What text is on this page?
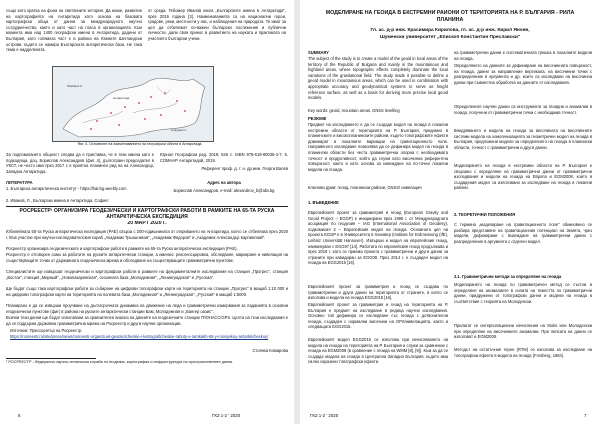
също като кратка на фона на светлините история. Да може, развитие на картографията на Антарктида като основа на базовата картографска обща от данни за международното научно сътрудничество, както и като част на гласа в организацията. Към момента има над 1400 географски имена в Антарктида, дадени от България, като голямата част е в района на Южните Шетландски острови, където се намира Българската антарктическа база. Не така тема е надделената.
от среда. Гебомер Иванов книга „Българските имена в Антарктида", през 2016 година [3]. Наименованията са на национални герои, градове, реки, местности у нас, и наблюдения на природата. Те имат за цел да отбележат по-важни български постижения и публични личности, дали своя принос в развитието на науката и практиката на участието български учени.
Антарктида
Shetland Is.
Livingston I.
Фиг. 4. Основните на наименованието на географски обекти в Антарктида.
За подпомагането общност следва да е приставка, че в тези имена като е подходяща, доц. Борислав Александров (фиг. 4), дълготраен председател в УКСТ, не често има през 2017 с е приятна планинен рид на на Александър, Западна Антарктида.
Юрнал Географски ред, 2019, 526 с. ISBN 978-619-90035-4-7. 5. СОМНАР Антарктидой, 2019.
Референт проф. д. т. н. др.инж. Георги Валев
ЛИТЕРАТУРА
1. Българска антарктическа институт - https://bai-bg.weebly.com
2. Иванов, Л., Български имена в Антарктида. София:
Адрес на авторa
Борислав Александров, e-mail: alexandrov_b@abv.bg
РОСРЕЕСТР¹ ОРГАНИЗИРА ГЕОДЕЗИЧЕСКИ И КАРТОГРАФСКИ РАБОТИ В РАМКИТЕ НА 65-ТА РУСКА АНТАРКТИЧЕСКА ЕКСПЕДИЦИЯ
20 МАРТ 2020 Г.
Юбилейната 65-та Руска антарктическа експедиция (РАЕ) свърза с 200-годишнината от откриването на Антарктида, което се отбелязва през 2020 г. Във участие при научно-изследователския кораб „Академик Трьошников", „Академик Федоров" и „Академик Александър Карпинский".
Росреестр организира геодезическите и картографски работи в рамките на 65-та Руска антарктическа експедиция (РАЕ).
Росреестр е отговорен само за работите на руските антарктически станции, а именно: рекогносцировка, обследване, маркиране и нивелация на съществуващите точки от държавната геодезическа мрежа и обследване на съществуващите гравиметрични пунктове.
Специалистите ще извършат геодезически и картографски работи в рамките на фундаменталните изследвания на станция „Прогрес", станция „Восток", станция „Мирный", „Новолазаревская", сезонната база „Молодежная", „Ленинградская" и „Русская".
Ще бъдат също така картографски работи за събиране на цифрови топографски карти на територията на станции „Прогрес" в мащаб 1:10 000 и на цифрови топографски карти на територията на полевата база „Молодежная" и „Ленинградская", „Русская" в мащаб 1:5000.
Планирано е да се извърши проучване на дългосрочната динамика на движение на леда и гравиметрични измервания за паданията в основни геодезически пунктове (фиг) в района на руските антарктически станции Бам, Молодежная и „Бангер оазис".
Всички тези данни ще бъдат използвани за сравнителен анализ на данните на геодезичните станции ГЛОНАСС/GPS. Целта на тези изследвания е да се поддържа държавна гравиметрична мрежа на Росреестр и други научни организации.
Източник: Прессцентър на Росреестр
https://rosreestr.ru/site/press/news/rosreestr-organizuet-geodezicheskie-i-kartograficheskie-raboty-v-ramkakh-65-y-rossiyskoy-antarkticheskoy/
Стоянка Комарова
¹ РОСРЕЕСТР –Федерална научно-техническа служба по геодезия, картография и инфраструктура на пространствените данни.
6	ГКЗ 1-2 ' 2020
МОДЕЛИРАНЕ НА ГЕОИДА В ЕКСТРЕМНИ РАЙОНИ ОТ ТЕРИТОРИЯТА НА Р. БЪЛГАРИЯ - РИЛА ПЛАНИНА
Гл. ас. д-р инж. Красимира Кирилова, гл. ас. д-р инж. Кирил Янчев,
Шуменски университет „Епископ Константин Преславски"
SUMMARY
The subject of the study is to create a model of the geoid in local areas of the territory of the Republic of Bulgaria and mainly in the mountainous and highland areas, where topographic effects completely dominate the local variations of the gravitational field. The study made it possible to define a geoid model in mountainous areas, which can be used in combination with appropriate accuracy and geodynamical systems to serve as height reference surface, as well as a basis for deriving more precise local geoid models.
Key words: geoid, mountain areas, GNSS levelling
РЕЗЮМЕ
Предмет на изследването е да се създаде модел на геоида в локални екстремни области от територията на Р. България, предимно в планинските и високопланинските райони, където топографските ефекти доминират в локалните вариации на гравитационното поле. Направеното изследване позволява да се дефинира модел на геоида в планински области без честа гравиметрична опорна с необходимата точност и продуктивност, който да служи като височинна референтна повърхност, както и като основа за извеждане на по-точни локални модели на геоида.
Ключови думи: геоид, планински райони, GNSS/ нивелация
1. ВЪВЕДЕНИЕ
Европейският проект за гравиметрия и геоид (European Gravity and Geoid Project – EGGP) е инициирани през 1990 г. от Международната асоциация по геодезия – IAG (International Association of Geodesy), подкомисия 2 – Европейския модел на геоида. Основната цел на проекта EGGP е в Университета в Хановер (Institute for Erdmessung (IfE), Leibniz Universität Hannover). Извърши и модел на европейския геоид, наименуван с EGG97 [14]. Работата по европейския геоид продължава и през 2019 г. като се приема проекта с гравиметрични и други данни за страните при кавидиран за EGG08. През 2014 г. е създаден модел на геоида на EGG2015 [16].
Европейският проект за гравиметрия и геоид се създава по гравиметрични и други данни на територията от страните, в която се използва и модела на геоида EGG2015 [16].
Европейският проект за гравиметрия и геоид на територията на Р. България е предмет на изследване в редица научни изследвания. Основно той дефинира се изследване със геоида с дотвонителни геоида, създаден с нормални височини на GPS/нивелацията, както и следващата EGG2015.
Европейският модел EGG2015 се използва при изчисляването на модела на геоида на територията на Р. България и служи за сравнение с геоида на EGM2008 (в сравнение с геоида на WMM [8], [9]). Към за да се създаде модела на геоида в Централна Западна България, където има силно изразени топографски ефекти.
на гравиметрични данни е систематичната грешка в локалните модели на геоида.
Определянето на данните за дефиниране на височинната повърхност, на геоида, данни за направление вертикала, на височинни точки с разпределение в аргумента и др. които са изследвани на височинна данни при съвместна обработка на данните от изследвания.
Определените научни данни са инструменти за геоидни и аномалии в геоида, получени от гравиметрични точки с необходима точност.
Внедряването и модела на геоида за височината на височинните системи модела на хомогенизацията за геометричен модел на геоида в България, предложени модели за определянето на геоида в планински области, точност с гравиметрични и други данни.
Моделирането на геоида в екстремни области на Р. България е свързано с определяне на гравиметрични данни от гравиметрични изследвания и модели на геоида на Европа и EGM2008, които в създадения модел са използвани за изследване на геоида в локални райони.
2. ТЕОРЕТИЧНИ ПОЛОЖЕНИЯ
С термина „моделиране на гравитационното поле" обикновено се разбира представяне на гравитационния потенциал на Земята, чрез модели, дефинирани с въвеждане на гравиметрични данни с разпределение в аргумента с отделен модел.
2.1. Гравиметрични методи за определяне на геоида
Моделирането на геоида по гравиметричен метод се състои в определяне на аномалиите в силата на тежестта по гравиметрични данни, придружени от топографски данни и модели на геоида в съответствие с теорията на Молоденски.
Прилагат се интерполационни изчисления на Stoks или Молоденски при определяне на височинните аномалии. При липсата на данни се използват и EGM2008.
Методът на остатъчния терен (RTM) се използва за изследване на топографски ефекти в модела на геоида (Forsberg, 1984).
ГКЗ 1-2 ' 2020	7
